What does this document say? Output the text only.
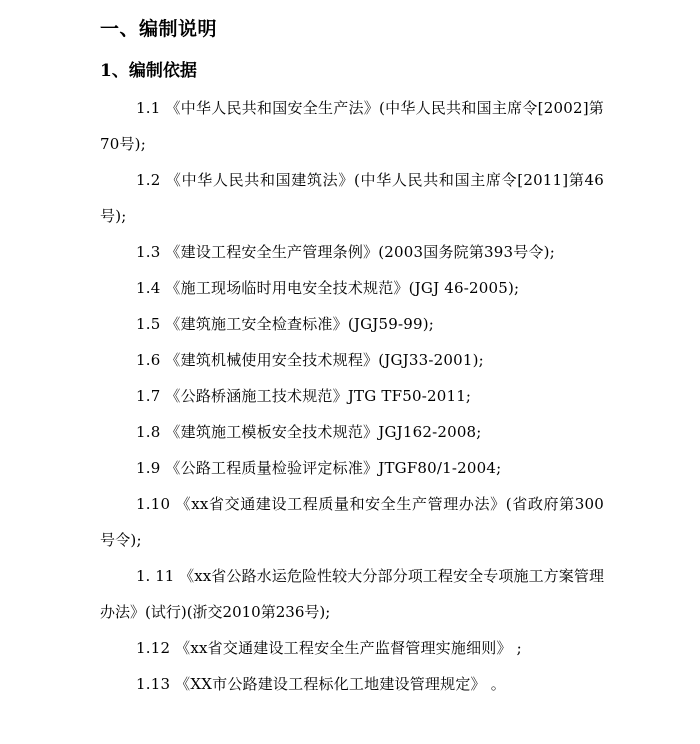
一、编制说明
1、编制依据

1.1 《中华人民共和国安全生产法》(中华人民共和国主席令[2002]第70号);

1.2 《中华人民共和国建筑法》(中华人民共和国主席令[2011]第46号);

1.3 《建设工程安全生产管理条例》(2003国务院第393号令);

1.4 《施工现场临时用电安全技术规范》(JGJ 46-2005);

1.5 《建筑施工安全检查标准》(JGJ59-99);

1.6 《建筑机械使用安全技术规程》(JGJ33-2001);

1.7 《公路桥涵施工技术规范》JTG TF50-2011;

1.8 《建筑施工模板安全技术规范》JGJ162-2008;

1.9 《公路工程质量检验评定标准》JTGF80/1-2004;

1.10 《xx省交通建设工程质量和安全生产管理办法》(省政府第300号令);

1. 11 《xx省公路水运危险性较大分部分项工程安全专项施工方案管理办法》(试行)(浙交2010第236号);

1.12 《xx省交通建设工程安全生产监督管理实施细则》 ;

1.13 《XX市公路建设工程标化工地建设管理规定》 。
